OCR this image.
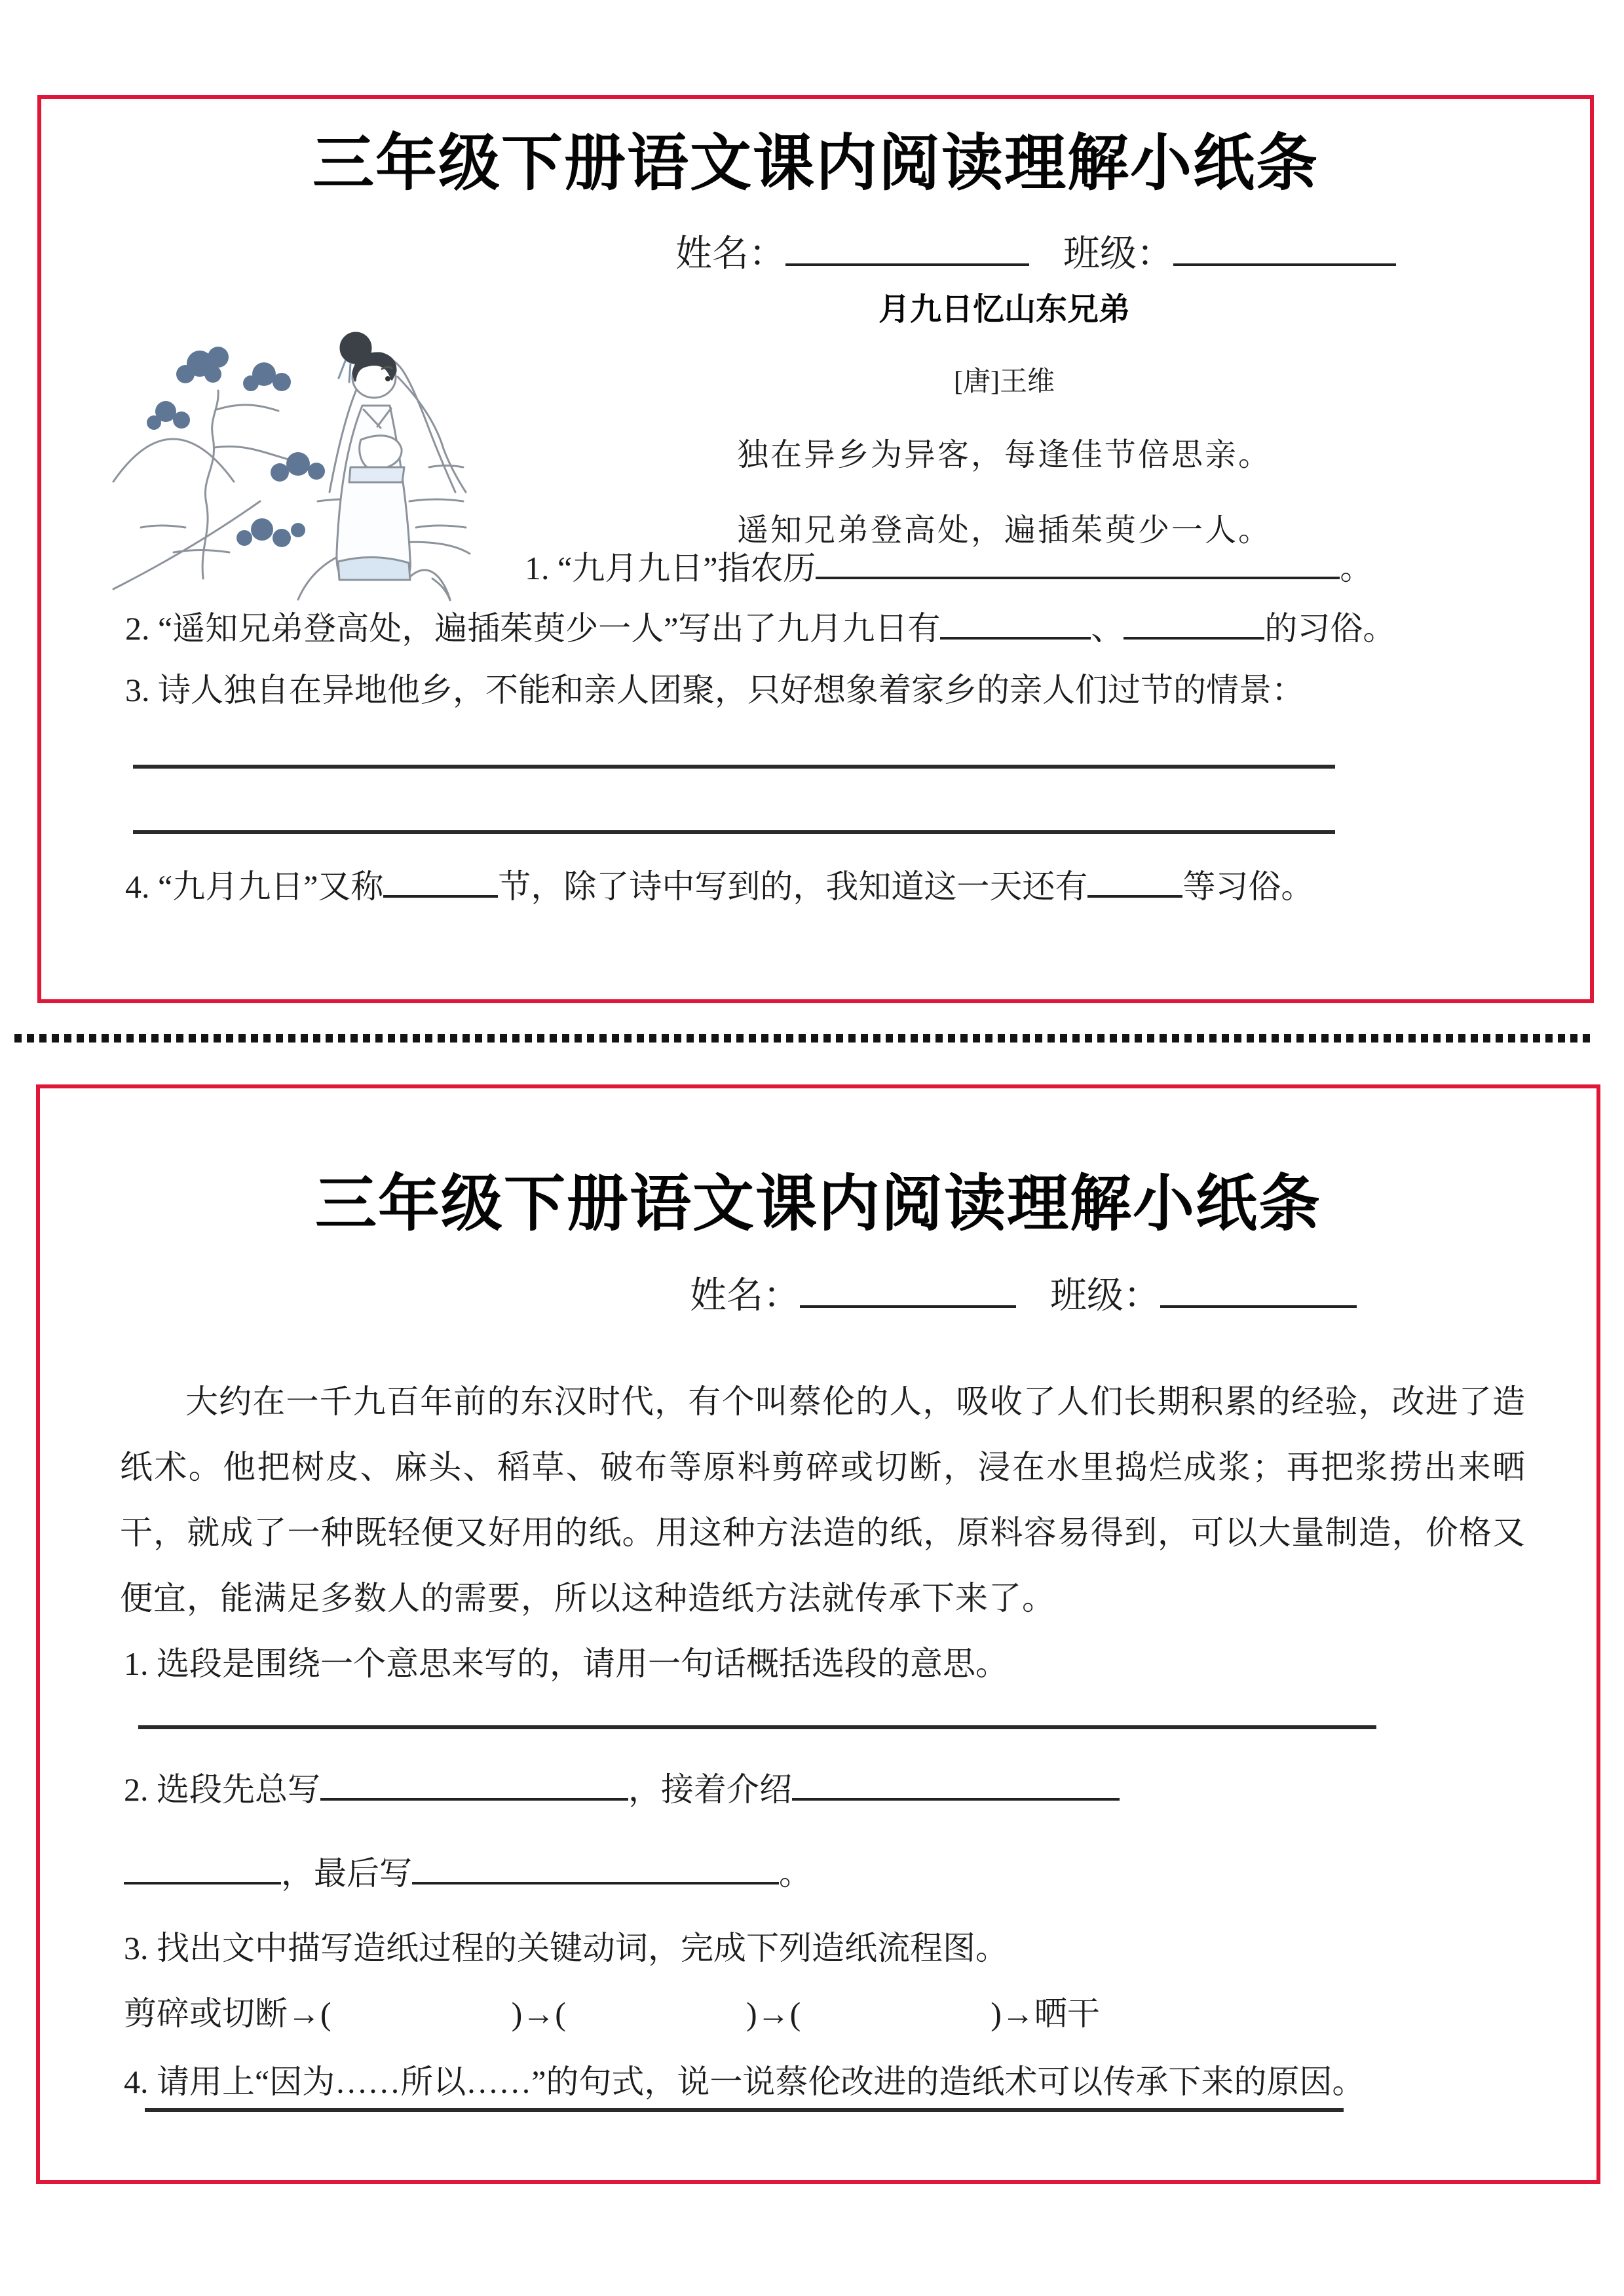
三年级下册语文课内阅读理解小纸条
姓名：	班级：
月九日忆山东兄弟
[唐]王维
独在异乡为异客，每逢佳节倍思亲。
遥知兄弟登高处，遍插茱萸少一人。
1. “九月九日”指农历	。
2. “遥知兄弟登高处，遍插茱萸少一人”写出了九月九日有	、	的习俗。
3. 诗人独自在异地他乡，不能和亲人团聚，只好想象着家乡的亲人们过节的情景：
4. “九月九日”又称	节，除了诗中写到的，我知道这一天还有	等习俗。
三年级下册语文课内阅读理解小纸条
姓名：	班级：
大约在一千九百年前的东汉时代，有个叫蔡伦的人，吸收了人们长期积累的经验，改进了造纸术。他把树皮、麻头、稻草、破布等原料剪碎或切断，浸在水里捣烂成浆；再把浆捞出来晒干，就成了一种既轻便又好用的纸。用这种方法造的纸，原料容易得到，可以大量制造，价格又便宜，能满足多数人的需要，所以这种造纸方法就传承下来了。
1. 选段是围绕一个意思来写的，请用一句话概括选段的意思。
2. 选段先总写	，接着介绍
，最后写	。
3. 找出文中描写造纸过程的关键动词，完成下列造纸流程图。
剪碎或切断→(	)→(	)→(	)→晒干
4. 请用上“因为……所以……”的句式，说一说蔡伦改进的造纸术可以传承下来的原因。
